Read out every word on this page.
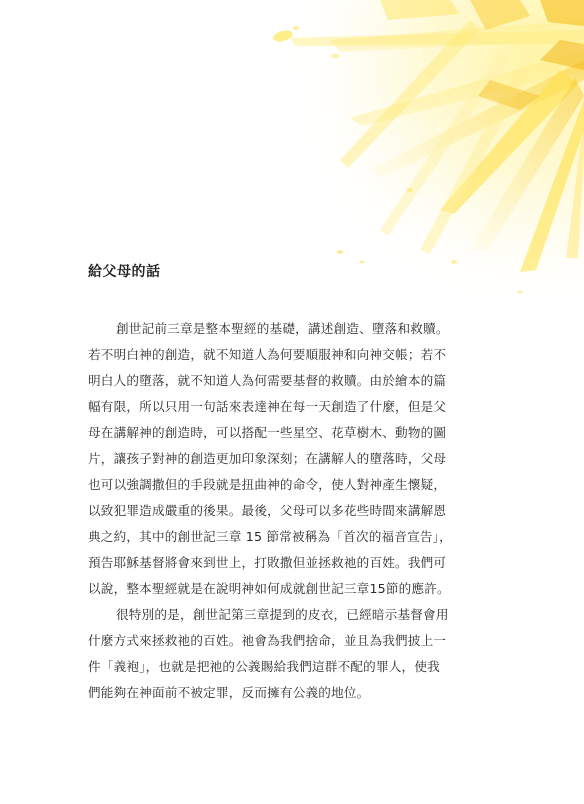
給父母的話
創世記前三章是整本聖經的基礎，講述創造、墮落和救贖。
若不明白神的創造，就不知道人為何要順服神和向神交帳；若不
明白人的墮落，就不知道人為何需要基督的救贖。由於繪本的篇
幅有限，所以只用一句話來表達神在每一天創造了什麼，但是父
母在講解神的創造時，可以搭配一些星空、花草樹木、動物的圖
片，讓孩子對神的創造更加印象深刻；在講解人的墮落時，父母
也可以強調撒但的手段就是扭曲神的命令，使人對神產生懷疑，
以致犯罪造成嚴重的後果。最後，父母可以多花些時間來講解恩
典之約，其中的創世記三章 15 節常被稱為「首次的福音宣告」，
預告耶穌基督將會來到世上，打敗撒但並拯救祂的百姓。我們可
以說，整本聖經就是在說明神如何成就創世記三章15節的應許。
很特別的是，創世記第三章提到的皮衣，已經暗示基督會用
什麼方式來拯救祂的百姓。祂會為我們捨命，並且為我們披上一
件「義袍」，也就是把祂的公義賜給我們這群不配的罪人，使我
們能夠在神面前不被定罪，反而擁有公義的地位。
